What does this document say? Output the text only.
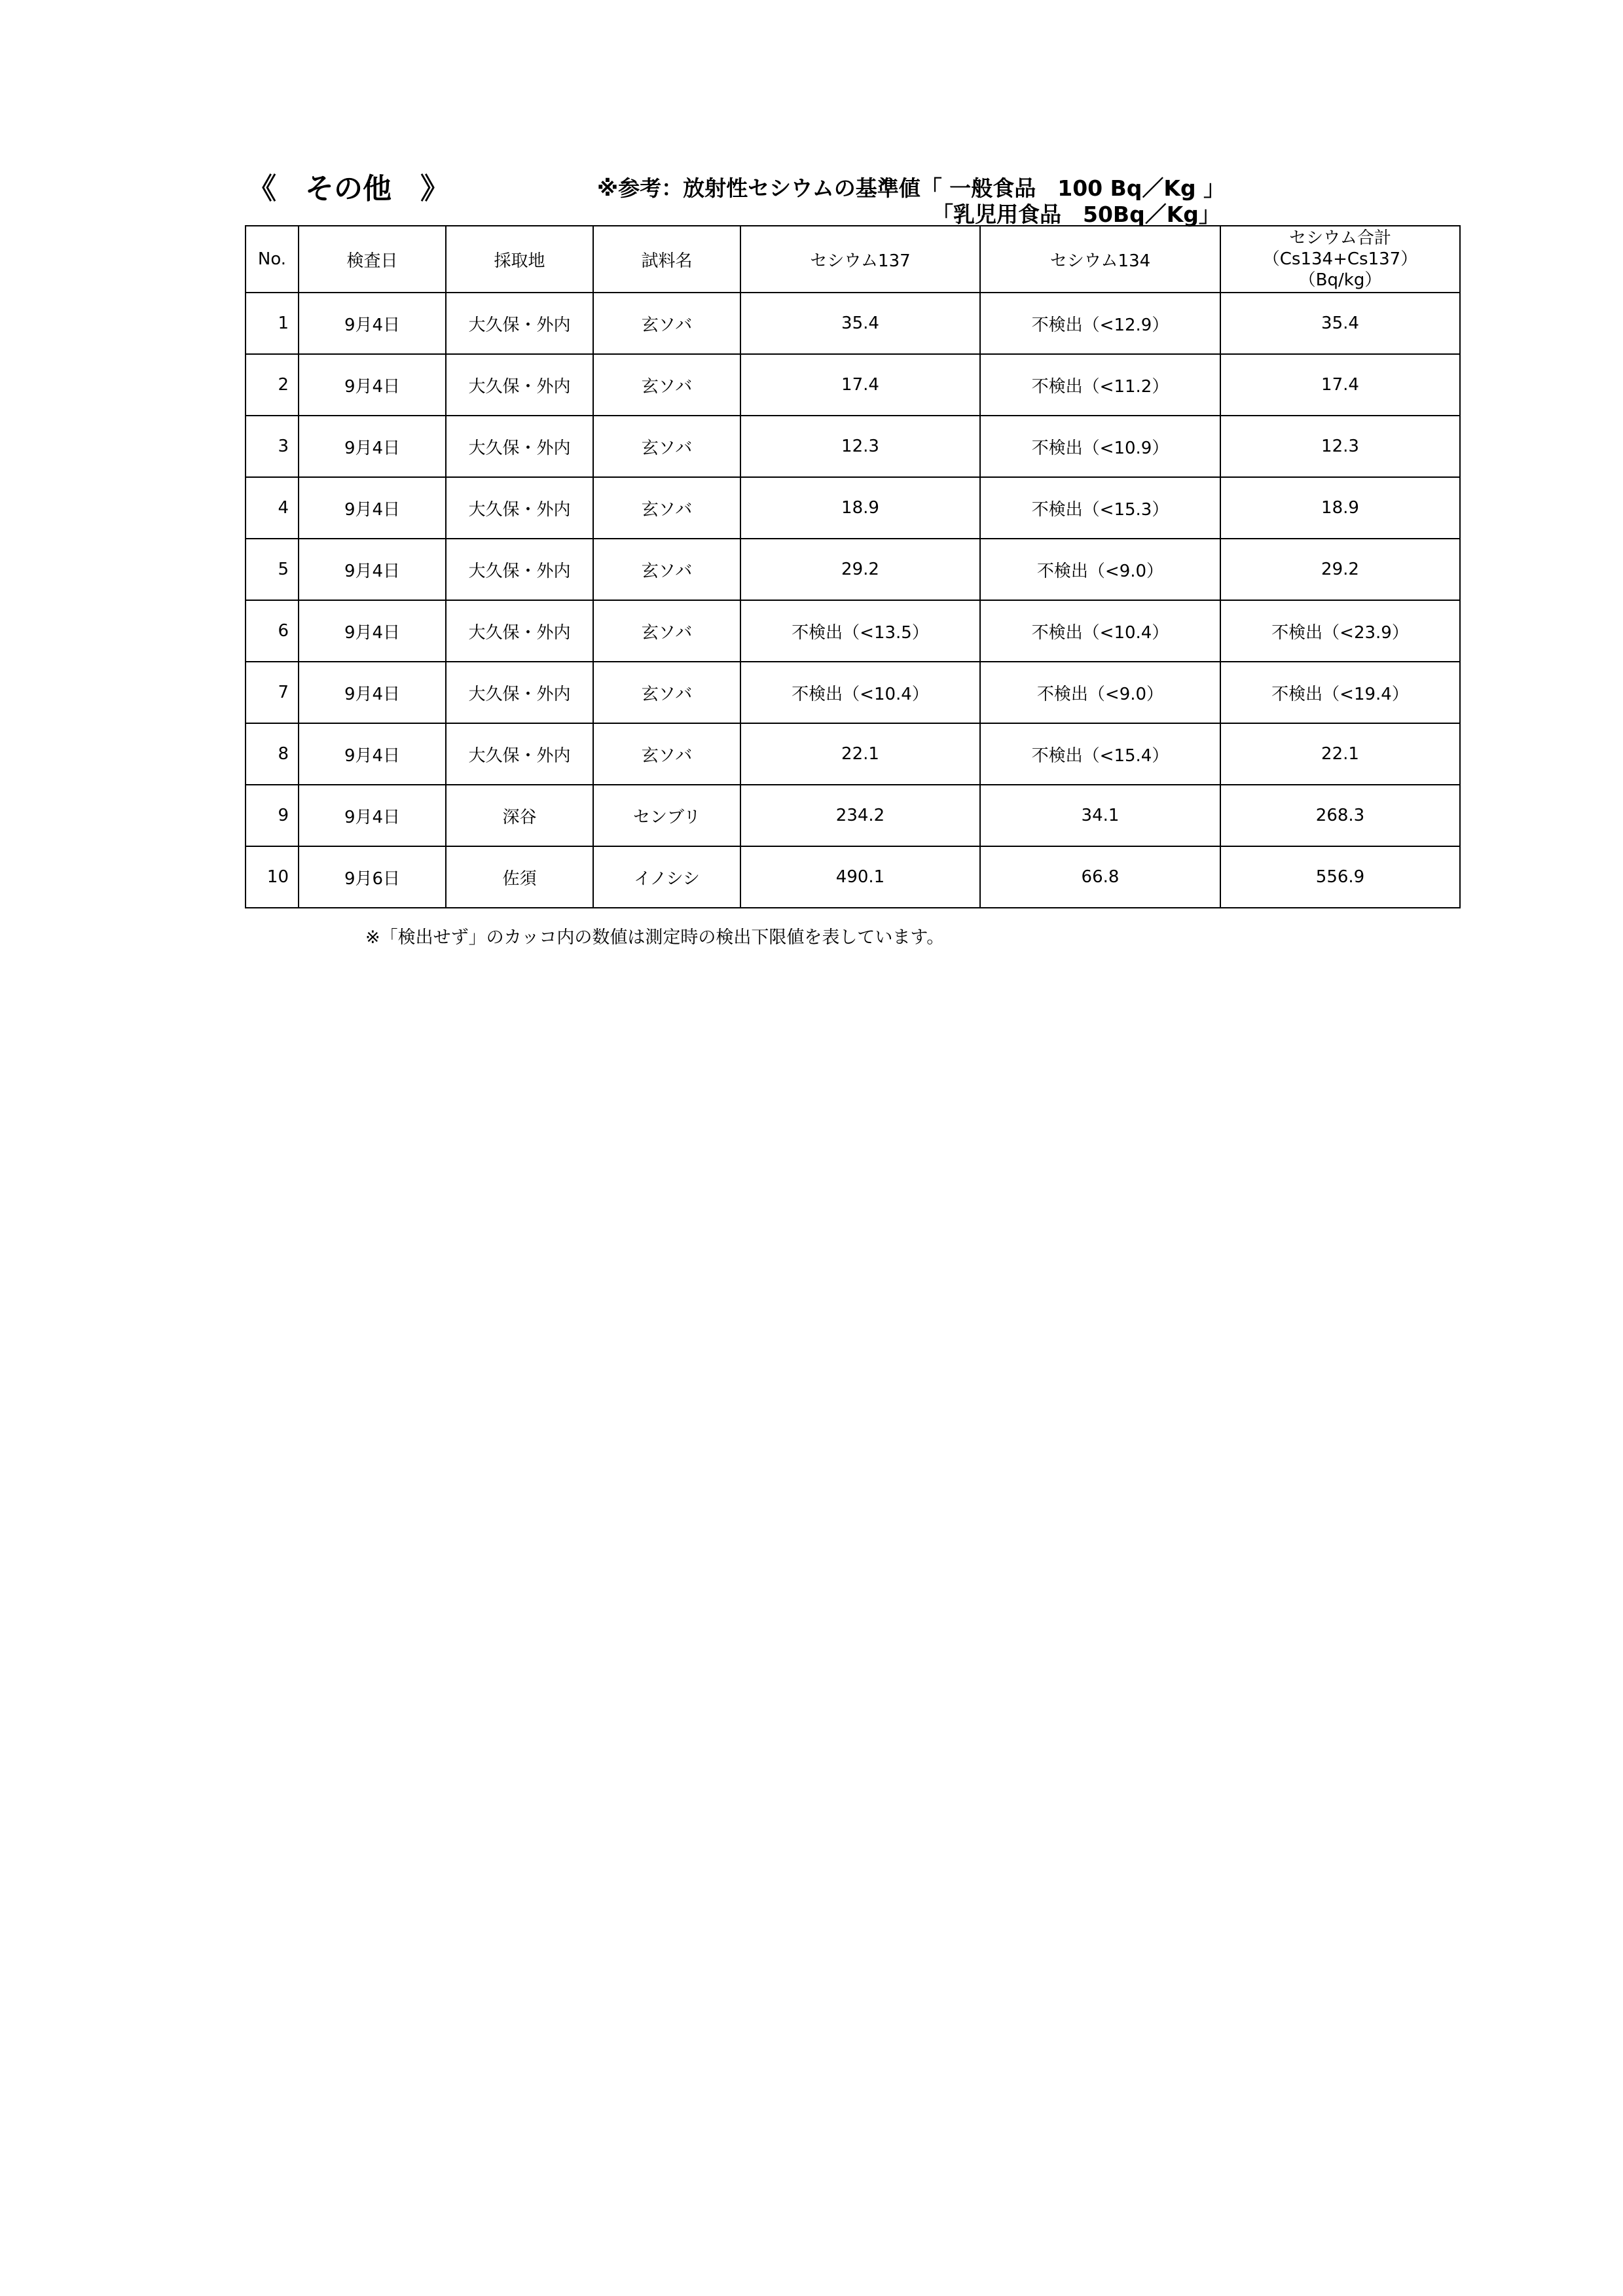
《　その他　》	※参考：放射性セシウムの基準値「 一般食品　100 Bq／Kg 」
「乳児用食品　50Bq／Kg」
No.	検査日	採取地	試料名	セシウム137	セシウム134	セシウム合計
（Cs134+Cs137）
（Bq/kg）

1	9月4日	大久保・外内	玄ソバ	35.4	不検出（<12.9）	35.4
2	9月4日	大久保・外内	玄ソバ	17.4	不検出（<11.2）	17.4
3	9月4日	大久保・外内	玄ソバ	12.3	不検出（<10.9）	12.3
4	9月4日	大久保・外内	玄ソバ	18.9	不検出（<15.3）	18.9
5	9月4日	大久保・外内	玄ソバ	29.2	不検出（<9.0）	29.2
6	9月4日	大久保・外内	玄ソバ	不検出（<13.5）	不検出（<10.4）	不検出（<23.9）
7	9月4日	大久保・外内	玄ソバ	不検出（<10.4）	不検出（<9.0）	不検出（<19.4）
8	9月4日	大久保・外内	玄ソバ	22.1	不検出（<15.4）	22.1
9	9月4日	深谷	センブリ	234.2	34.1	268.3
10	9月6日	佐須	イノシシ	490.1	66.8	556.9
※「検出せず」のカッコ内の数値は測定時の検出下限値を表しています。
